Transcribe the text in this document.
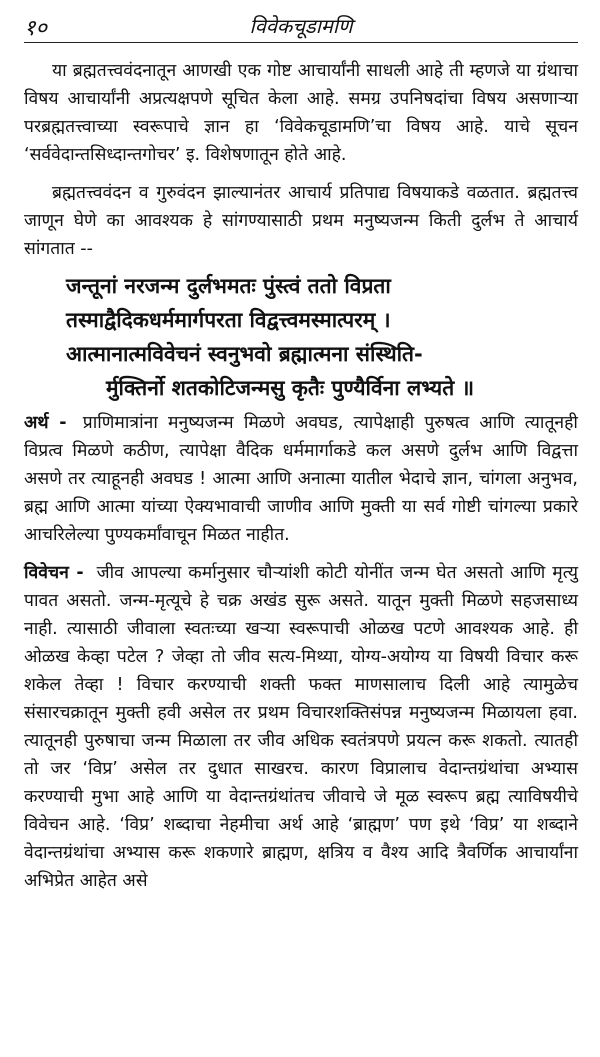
१०	विवेकचूडामणि

या ब्रह्मतत्त्ववंदनातून आणखी एक गोष्ट आचार्यांनी साधली आहे ती म्हणजे या ग्रंथाचा विषय आचार्यांनी अप्रत्यक्षपणे सूचित केला आहे. समग्र उपनिषदांचा विषय असणाऱ्या परब्रह्मतत्त्वाच्या स्वरूपाचे ज्ञान हा ‘विवेकचूडामणि’चा विषय आहे. याचे सूचन ‘सर्ववेदान्तसिध्दान्तगोचर’ इ. विशेषणातून होते आहे.

ब्रह्मतत्त्ववंदन व गुरुवंदन झाल्यानंतर आचार्य प्रतिपाद्य विषयाकडे वळतात. ब्रह्मतत्त्व जाणून घेणे का आवश्यक हे सांगण्यासाठी प्रथम मनुष्यजन्म किती दुर्लभ ते आचार्य सांगतात --

जन्तूनां नरजन्म दुर्लभमतः पुंस्त्वं ततो विप्रता
तस्माद्वैदिकधर्ममार्गपरता विद्वत्त्वमस्मात्परम् ।
आत्मानात्मविवेचनं स्वनुभवो ब्रह्मात्मना संस्थिति-
र्मुक्तिर्नो शतकोटिजन्मसु कृतैः पुण्यैर्विना लभ्यते ॥

अर्थ - प्राणिमात्रांना मनुष्यजन्म मिळणे अवघड, त्यापेक्षाही पुरुषत्व आणि त्यातूनही विप्रत्व मिळणे कठीण, त्यापेक्षा वैदिक धर्ममार्गाकडे कल असणे दुर्लभ आणि विद्वत्ता असणे तर त्याहूनही अवघड ! आत्मा आणि अनात्मा यातील भेदाचे ज्ञान, चांगला अनुभव, ब्रह्म आणि आत्मा यांच्या ऐक्यभावाची जाणीव आणि मुक्ती या सर्व गोष्टी चांगल्या प्रकारे आचरिलेल्या पुण्यकर्मांवाचून मिळत नाहीत.

विवेचन - जीव आपल्या कर्मानुसार चौऱ्यांशी कोटी योनींत जन्म घेत असतो आणि मृत्यु पावत असतो. जन्म-मृत्यूचे हे चक्र अखंड सुरू असते. यातून मुक्ती मिळणे सहजसाध्य नाही. त्यासाठी जीवाला स्वतःच्या खऱ्या स्वरूपाची ओळख पटणे आवश्यक आहे. ही ओळख केव्हा पटेल ? जेव्हा तो जीव सत्य-मिथ्या, योग्य-अयोग्य या विषयी विचार करू शकेल तेव्हा ! विचार करण्याची शक्ती फक्त माणसालाच दिली आहे त्यामुळेच संसारचक्रातून मुक्ती हवी असेल तर प्रथम विचारशक्तिसंपन्न मनुष्यजन्म मिळायला हवा. त्यातूनही पुरुषाचा जन्म मिळाला तर जीव अधिक स्वतंत्रपणे प्रयत्न करू शकतो. त्यातही तो जर ‘विप्र’ असेल तर दुधात साखरच. कारण विप्रालाच वेदान्तग्रंथांचा अभ्यास करण्याची मुभा आहे आणि या वेदान्तग्रंथांतच जीवाचे जे मूळ स्वरूप ब्रह्म त्याविषयीचे विवेचन आहे. ‘विप्र’ शब्दाचा नेहमीचा अर्थ आहे ‘ब्राह्मण’ पण इथे ‘विप्र’ या शब्दाने वेदान्तग्रंथांचा अभ्यास करू शकणारे ब्राह्मण, क्षत्रिय व वैश्य आदि त्रैवर्णिक आचार्यांना अभिप्रेत आहेत असे
